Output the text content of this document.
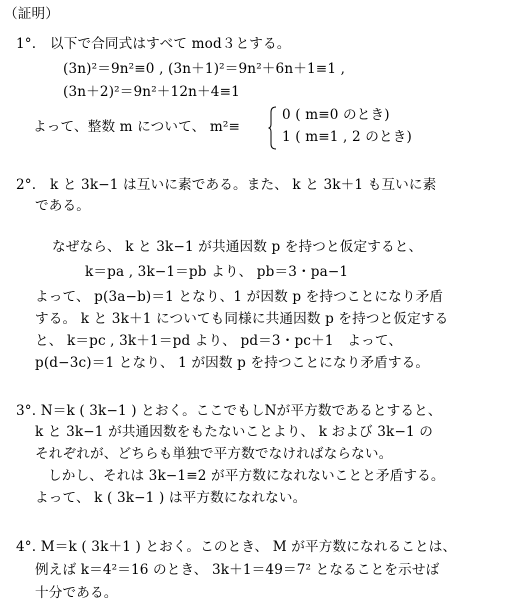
（証明）
1°.　以下で合同式はすべて mod３とする。
(3n)²＝9n²≡0 , (3n＋1)²＝9n²＋6n＋1≡1 ,
(3n＋2)²＝9n²＋12n＋4≡1
よって、整数 m について、 m²≡
0 ( m≡0 のとき)
1 ( m≡1 , 2 のとき)
2°.　k と 3k−1 は互いに素である。また、 k と 3k＋1 も互いに素
である。
なぜなら、 k と 3k−1 が共通因数 p を持つと仮定すると、
k＝pa , 3k−1＝pb より、 pb＝3・pa−1
よって、 p(3a−b)＝1 となり、1 が因数 p を持つことになり矛盾
する。 k と 3k＋1 についても同様に共通因数 p を持つと仮定する
と、 k＝pc , 3k＋1＝pd より、 pd＝3・pc＋1　よって、
p(d−3c)＝1 となり、 1 が因数 p を持つことになり矛盾する。
3°. N＝k ( 3k−1 ) とおく。ここでもしNが平方数であるとすると、
k と 3k−1 が共通因数をもたないことより、 k および 3k−1 の
それぞれが、どちらも単独で平方数でなければならない。
しかし、それは 3k−1≡2 が平方数になれないことと矛盾する。
よって、 k ( 3k−1 ) は平方数になれない。
4°. M＝k ( 3k＋1 ) とおく。このとき、 M が平方数になれることは、
例えば k＝4²＝16 のとき、 3k＋1＝49＝7² となることを示せば
十分である。
